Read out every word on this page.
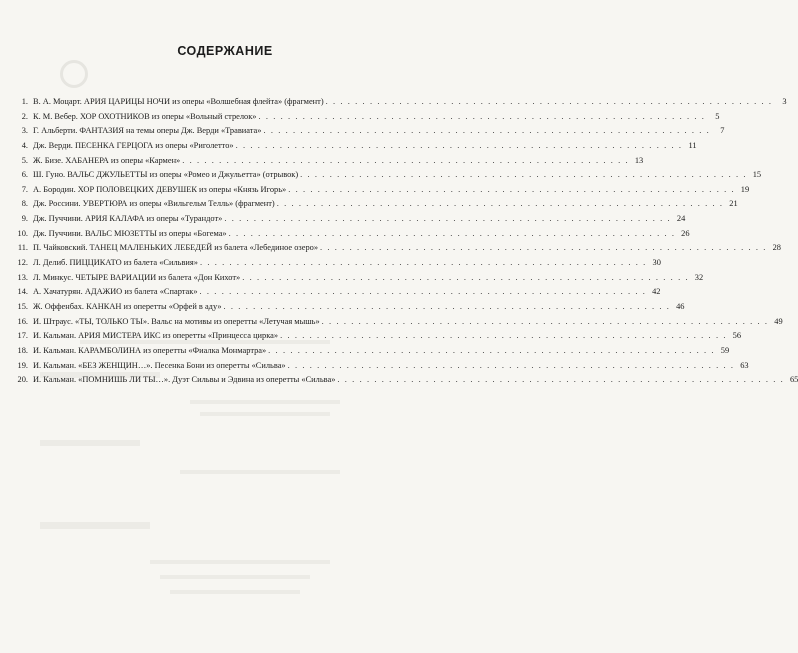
СОДЕРЖАНИЕ
1. В. А. Моцарт. АРИЯ ЦАРИЦЫ НОЧИ из оперы «Волшебная флейта» (фрагмент) . . .	3
2. К. М. Вебер. ХОР ОХОТНИКОВ из оперы «Вольный стрелок» . . .	5
3. Г. Альберти. ФАНТАЗИЯ на темы оперы Дж. Верди «Травиата» . . .	7
4. Дж. Верди. ПЕСЕНКА ГЕРЦОГА из оперы «Риголетто» . . .	11
5. Ж. Бизе. ХАБАНЕРА из оперы «Кармен» . . .	13
6. Ш. Гуно. ВАЛЬС ДЖУЛЬЕТТЫ из оперы «Ромео и Джульетта» (отрывок) . . .	15
7. А. Бородин. ХОР ПОЛОВЕЦКИХ ДЕВУШЕК из оперы «Князь Игорь» . . .	19
8. Дж. Россини. УВЕРТЮРА из оперы «Вильгельм Телль» (фрагмент) . . .	21
9. Дж. Пуччини. АРИЯ КАЛАФА из оперы «Турандот» . . .	24
10. Дж. Пуччини. ВАЛЬС МЮЗЕТТЫ из оперы «Богема» . . .	26
11. П. Чайковский. ТАНЕЦ МАЛЕНЬКИХ ЛЕБЕДЕЙ из балета «Лебединое озеро» . . .	28
12. Л. Делиб. ПИЦЦИКАТО из балета «Сильвия» . . .	30
13. Л. Минкус. ЧЕТЫРЕ ВАРИАЦИИ из балета «Дон Кихот» . . .	32
14. А. Хачатурян. АДАЖИО из балета «Спартак» . . .	42
15. Ж. Оффенбах. КАНКАН из оперетты «Орфей в аду» . . .	46
16. И. Штраус. «ТЫ, ТОЛЬКО ТЫ». Вальс на мотивы из оперетты «Летучая мышь» . . .	49
17. И. Кальман. АРИЯ МИСТЕРА ИКС из оперетты «Принцесса цирка» . . .	56
18. И. Кальман. КАРАМБОЛИНА из оперетты «Фиалка Монмартра» . . .	59
19. И. Кальман. «БЕЗ ЖЕНЩИН…». Песенка Бони из оперетты «Сильва» . . .	63
20. И. Кальман. «ПОМНИШЬ ЛИ ТЫ…». Дуэт Сильвы и Эдвина из оперетты «Сильва» . . .	65
